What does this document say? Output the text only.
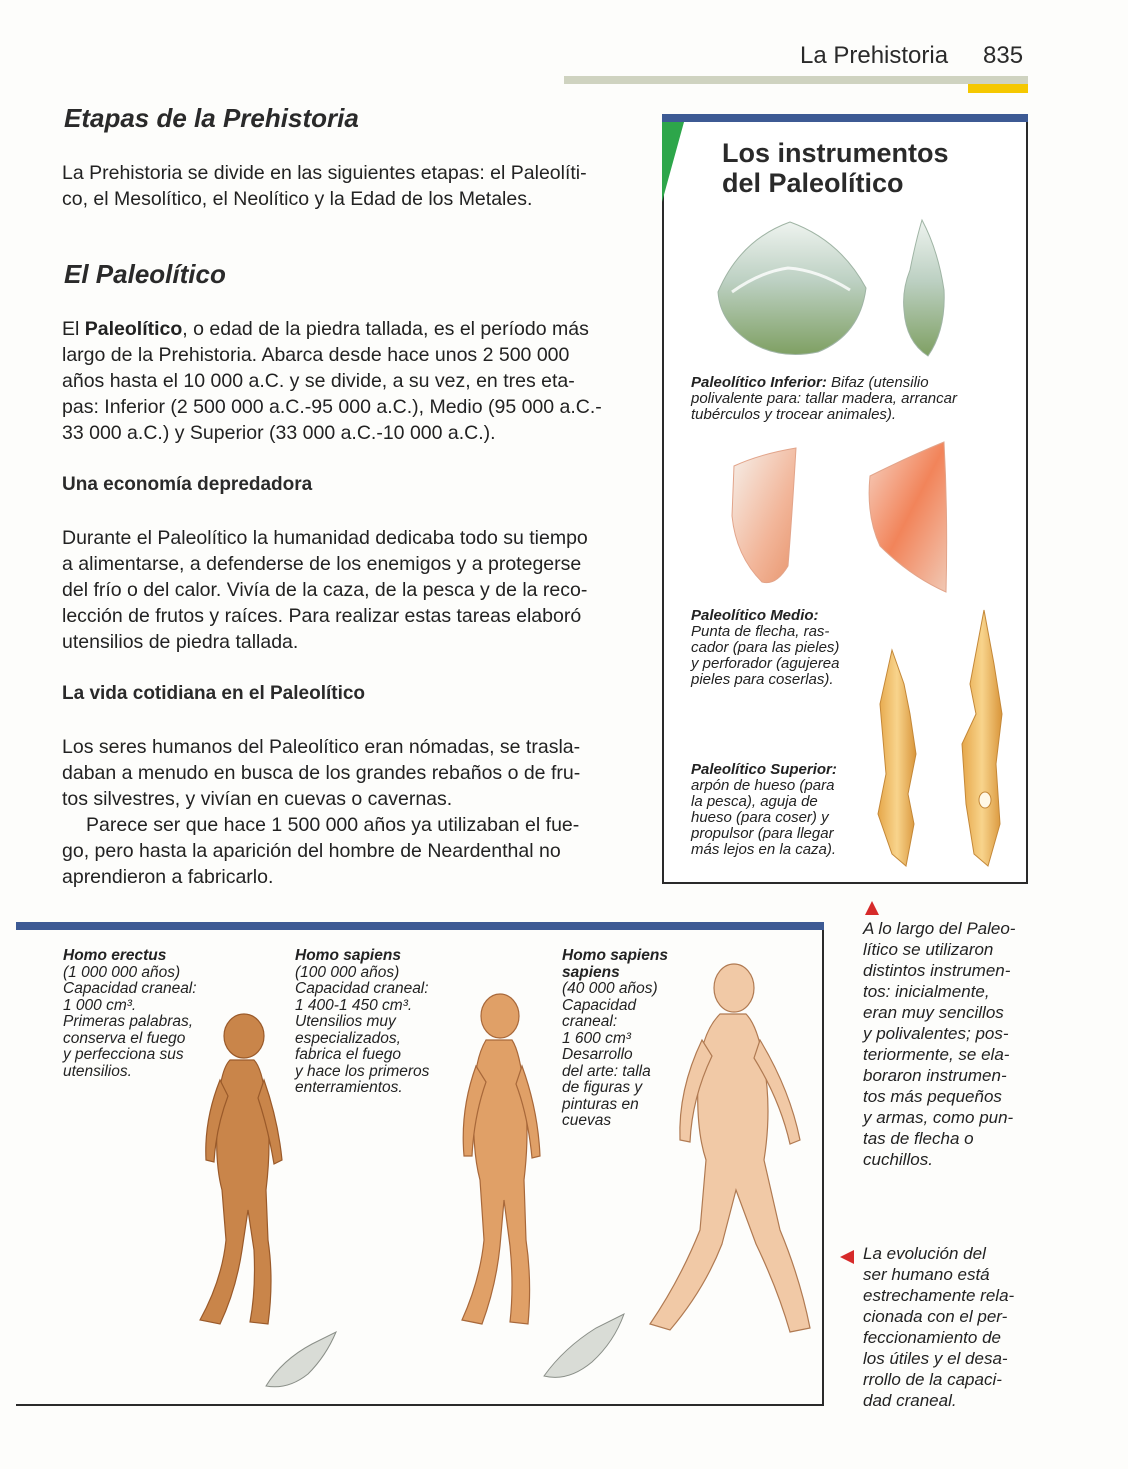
La Prehistoria 835
Etapas de la Prehistoria
La Prehistoria se divide en las siguientes etapas: el Paleolíti-
co, el Mesolítico, el Neolítico y la Edad de los Metales.
El Paleolítico
El Paleolítico, o edad de la piedra tallada, es el período más
largo de la Prehistoria. Abarca desde hace unos 2 500 000
años hasta el 10 000 a.C. y se divide, a su vez, en tres eta-
pas: Inferior (2 500 000 a.C.-95 000 a.C.), Medio (95 000 a.C.-
33 000 a.C.) y Superior (33 000 a.C.-10 000 a.C.).
Una economía depredadora
Durante el Paleolítico la humanidad dedicaba todo su tiempo
a alimentarse, a defenderse de los enemigos y a protegerse
del frío o del calor. Vivía de la caza, de la pesca y de la reco-
lección de frutos y raíces. Para realizar estas tareas elaboró
utensilios de piedra tallada.
La vida cotidiana en el Paleolítico
Los seres humanos del Paleolítico eran nómadas, se trasla-
daban a menudo en busca de los grandes rebaños o de fru-
tos silvestres, y vivían en cuevas o cavernas.
Parece ser que hace 1 500 000 años ya utilizaban el fue-
go, pero hasta la aparición del hombre de Neardenthal no
aprendieron a fabricarlo.
Los instrumentos
del Paleolítico
Paleolítico Inferior: Bifaz (utensilio
polivalente para: tallar madera, arrancar
tubérculos y trocear animales).
Paleolítico Medio:
Punta de flecha, ras-
cador (para las pieles)
y perforador (agujerea
pieles para coserlas).
Paleolítico Superior:
arpón de hueso (para
la pesca), aguja de
hueso (para coser) y
propulsor (para llegar
más lejos en la caza).
Homo erectus
(1 000 000 años)
Capacidad craneal:
1 000 cm³.
Primeras palabras,
conserva el fuego
y perfecciona sus
utensilios.
Homo sapiens
(100 000 años)
Capacidad craneal:
1 400-1 450 cm³.
Utensilios muy
especializados,
fabrica el fuego
y hace los primeros
enterramientos.
Homo sapiens
sapiens
(40 000 años)
Capacidad
craneal:
1 600 cm³
Desarrollo
del arte: talla
de figuras y
pinturas en
cuevas
A lo largo del Paleo-
lítico se utilizaron
distintos instrumen-
tos: inicialmente,
eran muy sencillos
y polivalentes; pos-
teriormente, se ela-
boraron instrumen-
tos más pequeños
y armas, como pun-
tas de flecha o
cuchillos.
La evolución del
ser humano está
estrechamente rela-
cionada con el per-
feccionamiento de
los útiles y el desa-
rrollo de la capaci-
dad craneal.
